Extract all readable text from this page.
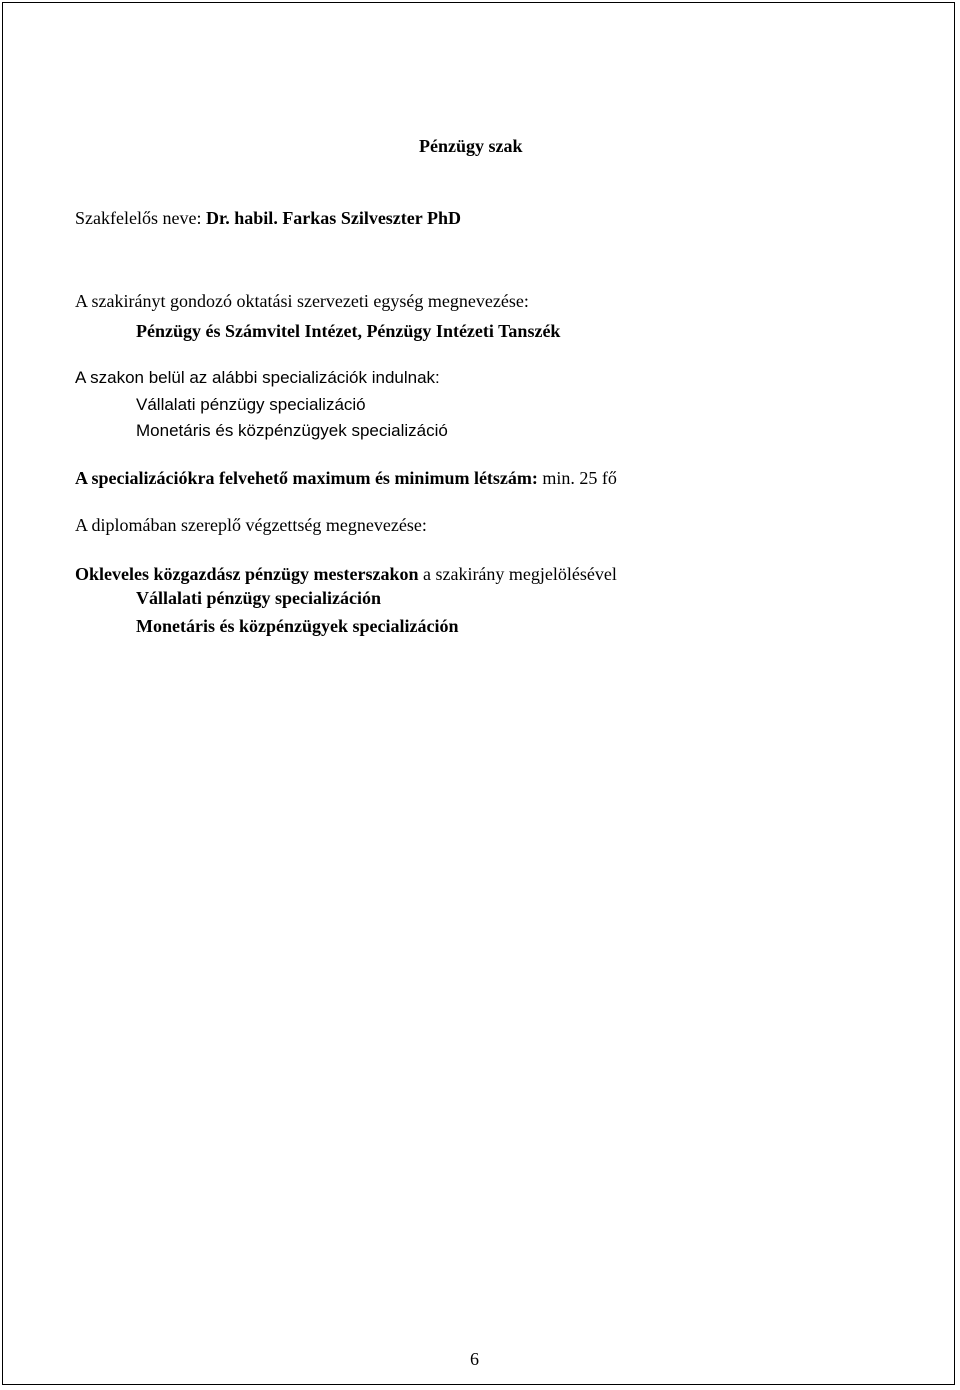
Pénzügy szak
Szakfelelős neve: Dr. habil. Farkas Szilveszter PhD
A szakirányt gondozó oktatási szervezeti egység megnevezése:
Pénzügy és Számvitel Intézet, Pénzügy Intézeti Tanszék
A szakon belül az alábbi specializációk indulnak:
Vállalati pénzügy specializáció
Monetáris és közpénzügyek specializáció
A specializációkra felvehető maximum és minimum létszám: min. 25 fő
A diplomában szereplő végzettség megnevezése:
Okleveles közgazdász pénzügy mesterszakon a szakirány megjelölésével
Vállalati pénzügy specializáción
Monetáris és közpénzügyek specializáción
6
